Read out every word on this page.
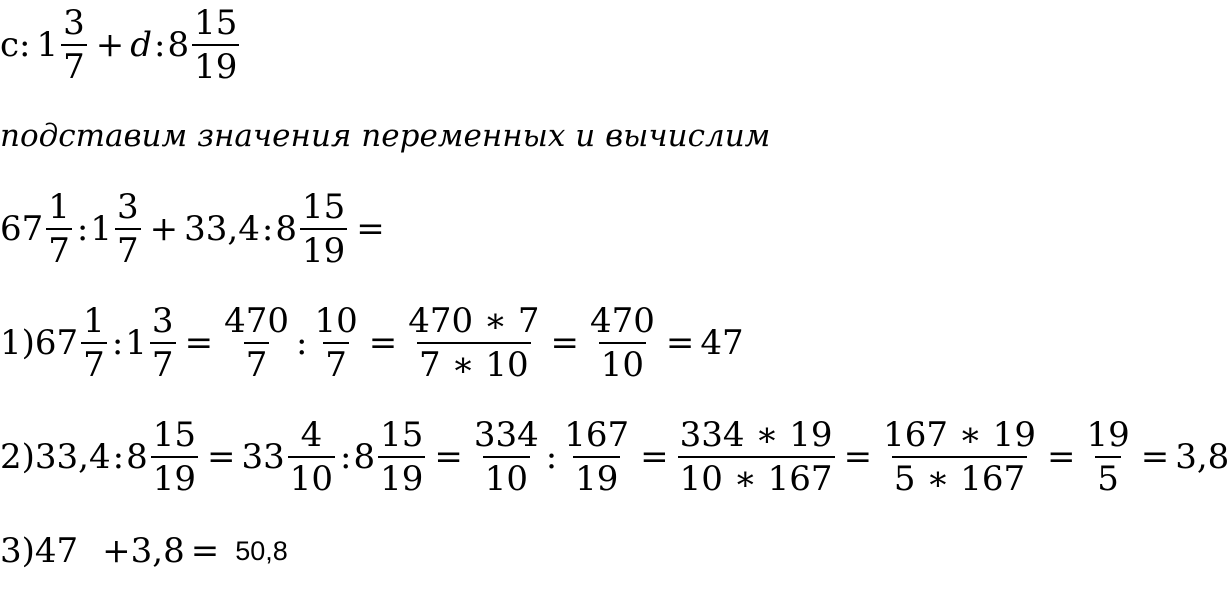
c: $1 \frac{3}{7} + d$ : $8 \frac{15}{19}$
подставим значения переменных и вычислим
$67 \frac{1}{7}$ : $1 \frac{3}{7} + 33,4$ : $8 \frac{15}{19}$ =
1) $67 \frac{1}{7}$ : $1 \frac{3}{7} = \frac{470}{7}$ : $\frac{10}{7} = \frac{470 ∗ 7}{7 ∗ 10} = \frac{470}{10} = 47$
2) 33,4 : $8 \frac{15}{19} = 33 \frac{4}{10}$ : $8 \frac{15}{19} = \frac{334}{10}$ : $\frac{167}{19} = \frac{334 ∗ 19}{10 ∗ 167} = \frac{167 ∗ 19}{5 ∗ 167} = \frac{19}{5} = 3,8$
3) 47 +3,8 = 50,8
